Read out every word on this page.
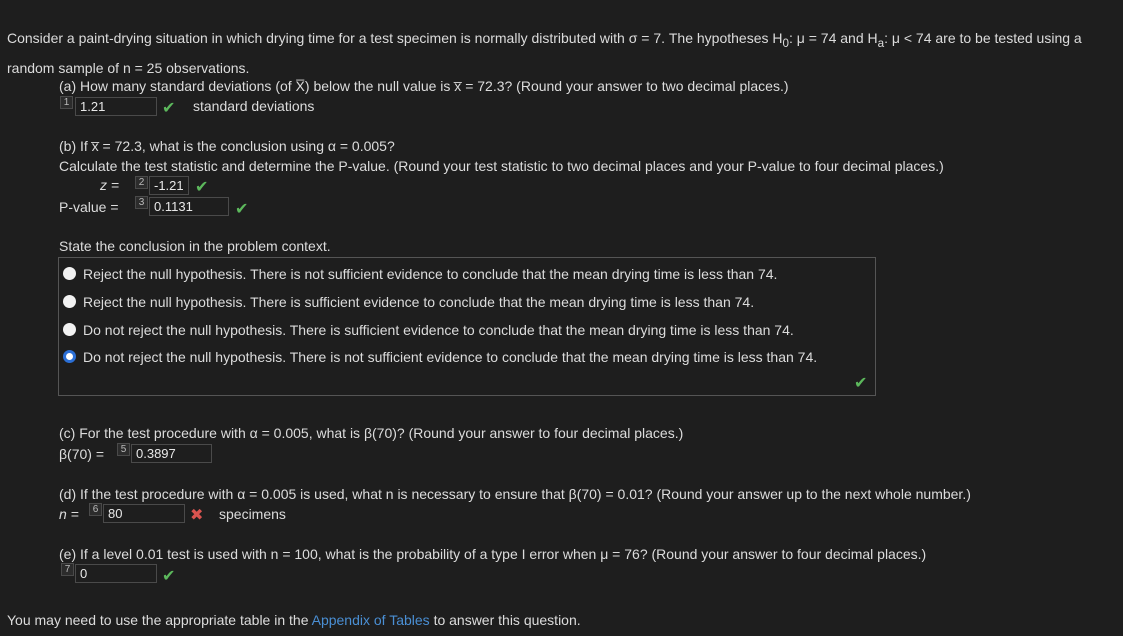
Consider a paint-drying situation in which drying time for a test specimen is normally distributed with σ = 7. The hypotheses $H_0$: μ = 74 and $H_a$: μ < 74 are to be tested using a random sample of n = 25 observations.
(a) How many standard deviations (of X̅) below the null value is x̅ = 72.3? (Round your answer to two decimal places.)
1 1.21	✔ standard deviations
(b) If x̅ = 72.3, what is the conclusion using α = 0.005?
Calculate the test statistic and determine the P-value. (Round your test statistic to two decimal places and your P-value to four decimal places.)
z =	2 -1.21 ✔
P-value =	3 0.1131	✔
State the conclusion in the problem context.
Reject the null hypothesis. There is not sufficient evidence to conclude that the mean drying time is less than 74.
Reject the null hypothesis. There is sufficient evidence to conclude that the mean drying time is less than 74.
Do not reject the null hypothesis. There is sufficient evidence to conclude that the mean drying time is less than 74.
Do not reject the null hypothesis. There is not sufficient evidence to conclude that the mean drying time is less than 74.
✔
(c) For the test procedure with α = 0.005, what is β(70)? (Round your answer to four decimal places.)
β(70) =	5 0.3897
(d) If the test procedure with α = 0.005 is used, what n is necessary to ensure that β(70) = 0.01? (Round your answer up to the next whole number.)
n =	6 80	✖ specimens
(e) If a level 0.01 test is used with n = 100, what is the probability of a type I error when μ = 76? (Round your answer to four decimal places.)
7 0	✔
You may need to use the appropriate table in the Appendix of Tables to answer this question.
